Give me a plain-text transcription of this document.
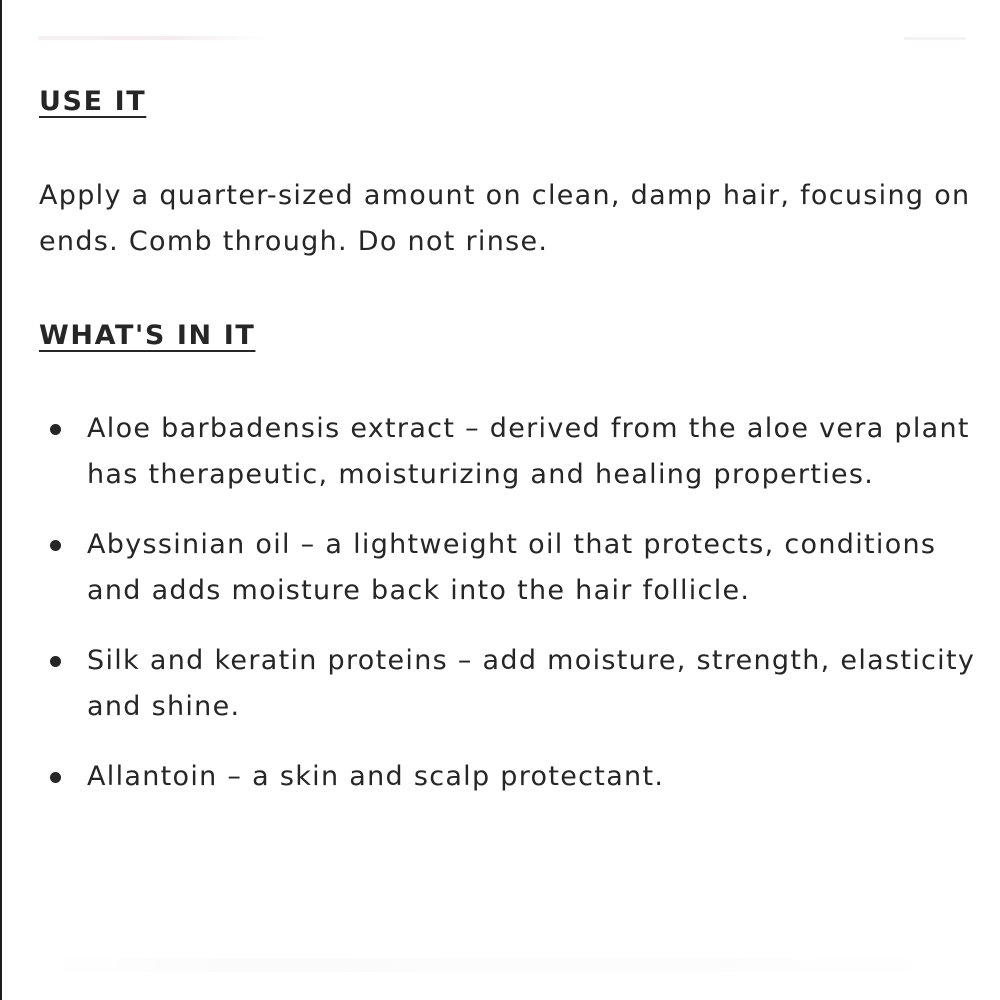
USE IT

Apply a quarter-sized amount on clean, damp hair, focusing on ends. Comb through. Do not rinse.

WHAT'S IN IT
Aloe barbadensis extract – derived from the aloe vera plant has therapeutic, moisturizing and healing properties.
Abyssinian oil – a lightweight oil that protects, conditions and adds moisture back into the hair follicle.
Silk and keratin proteins – add moisture, strength, elasticity and shine.
Allantoin – a skin and scalp protectant.
